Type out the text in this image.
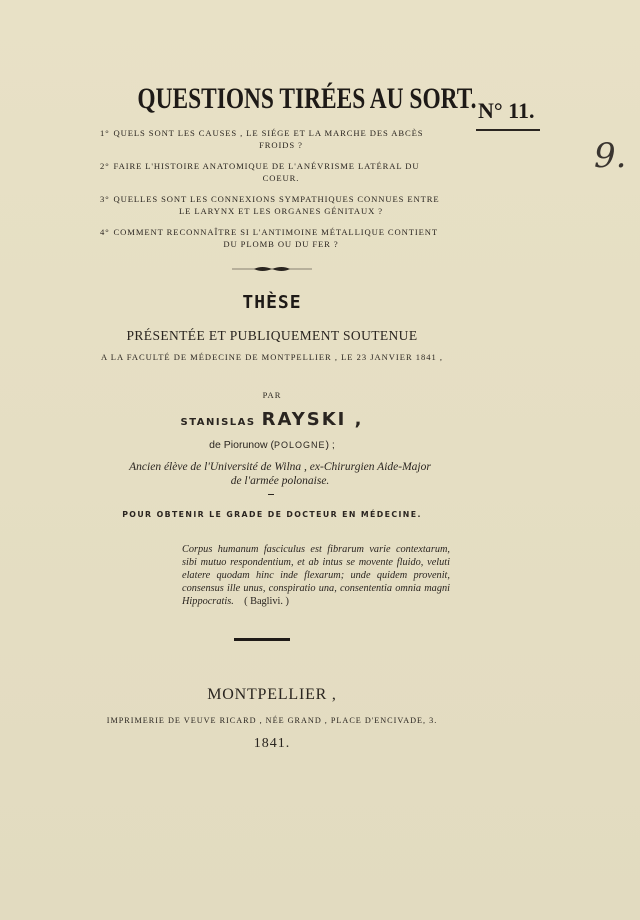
QUESTIONS TIRÉES AU SORT. N° 11.
9.
1° QUELS SONT LES CAUSES , LE SIÉGE ET LA MARCHE DES ABCÈS
FROIDS ?
2° FAIRE L'HISTOIRE ANATOMIQUE DE L'ANÉVRISME LATÉRAL DU
COEUR.
3° QUELLES SONT LES CONNEXIONS SYMPATHIQUES CONNUES ENTRE
LE LARYNX ET LES ORGANES GÉNITAUX ?
4° COMMENT RECONNAÎTRE SI L'ANTIMOINE MÉTALLIQUE CONTIENT
DU PLOMB OU DU FER ?
THÈSE
PRÉSENTÉE ET PUBLIQUEMENT SOUTENUE
A LA FACULTÉ DE MÉDECINE DE MONTPELLIER , LE 23 JANVIER 1841 ,
PAR
STANISLAS RAYSKI ,
de Piorunow (POLOGNE) ;
Ancien élève de l'Université de Wilna , ex-Chirurgien Aide-Major
de l'armée polonaise.
POUR OBTENIR LE GRADE DE DOCTEUR EN MÉDECINE.
Corpus humanum fasciculus est fibrarum varie contextarum, sibi mutuo respondentium, et ab intus se movente fluido, veluti elatere quodam hinc inde flexarum; unde quidem provenit, consensus ille unus, conspiratio una, consententia omnia magni Hippocratis. ( Baglivi. )
MONTPELLIER ,
IMPRIMERIE DE VEUVE RICARD , NÉE GRAND , PLACE D'ENCIVADE, 3.
1841.
